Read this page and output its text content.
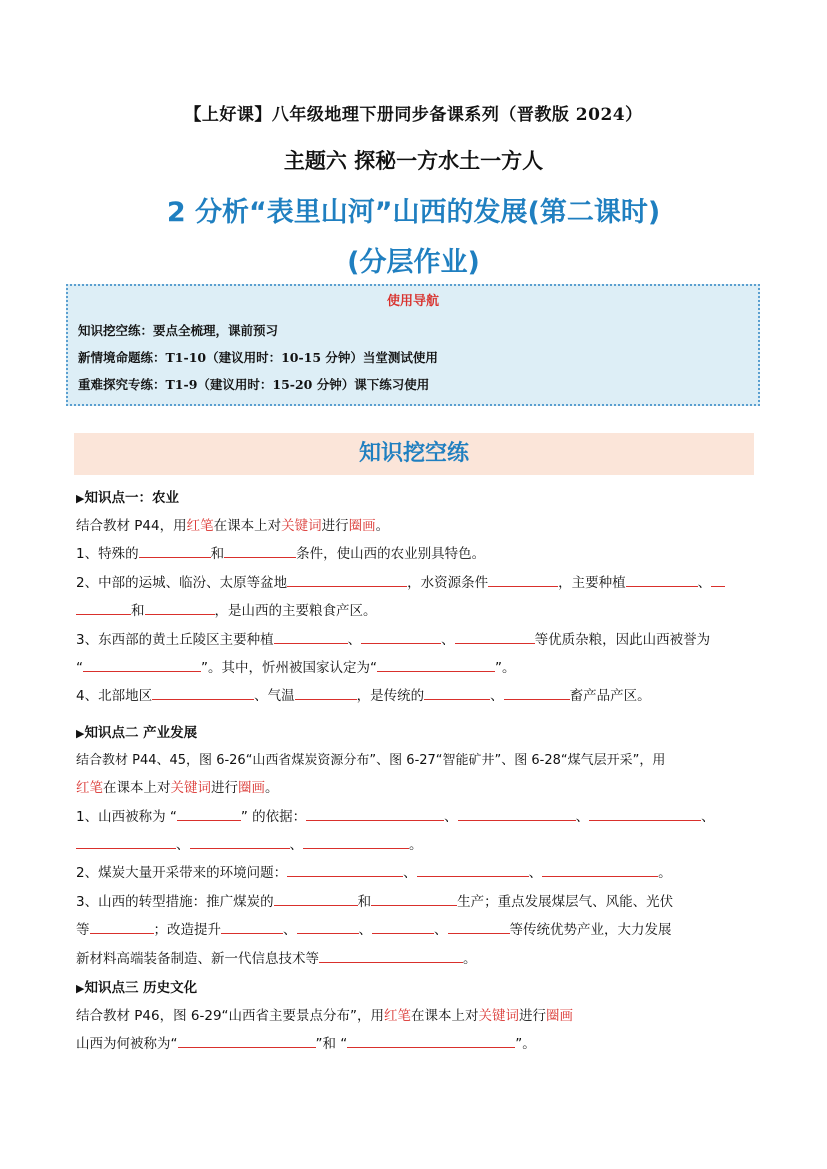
【上好课】八年级地理下册同步备课系列（晋教版 2024）
主题六 探秘一方水土一方人
2 分析“表里山河”山西的发展(第二课时)
(分层作业)
使用导航
知识挖空练：要点全梳理，课前预习
新情境命题练：T1-10（建议用时：10-15 分钟）当堂测试使用
重难探究专练：T1-9（建议用时：15-20 分钟）课下练习使用
知识挖空练
▶知识点一：农业
结合教材 P44，用红笔在课本上对关键词进行圈画。
1、特殊的	和	条件，使山西的农业别具特色。
2、中部的运城、临汾、太原等盆地	，水资源条件	，主要种植	、
和	，是山西的主要粮食产区。
3、东西部的黄土丘陵区主要种植	、	、	等优质杂粮，因此山西被誉为
“	”。其中，忻州被国家认定为“	”。
4、北部地区	、气温	，是传统的	、	畜产品产区。
▶知识点二 产业发展
结合教材 P44、45，图 6-26“山西省煤炭资源分布”、图 6-27“智能矿井”、图 6-28“煤气层开采”，用
红笔在课本上对关键词进行圈画。
1、山西被称为 “	” 的依据：	、	、	、
、	、	。
2、煤炭大量开采带来的环境问题：	、	、	。
3、山西的转型措施：推广煤炭的	和	生产；重点发展煤层气、风能、光伏
等	；改造提升	、	、	、	等传统优势产业，大力发展
新材料高端装备制造、新一代信息技术等	。
▶知识点三 历史文化
结合教材 P46，图 6-29“山西省主要景点分布”，用红笔在课本上对关键词进行圈画
山西为何被称为“	”和 “	”。
